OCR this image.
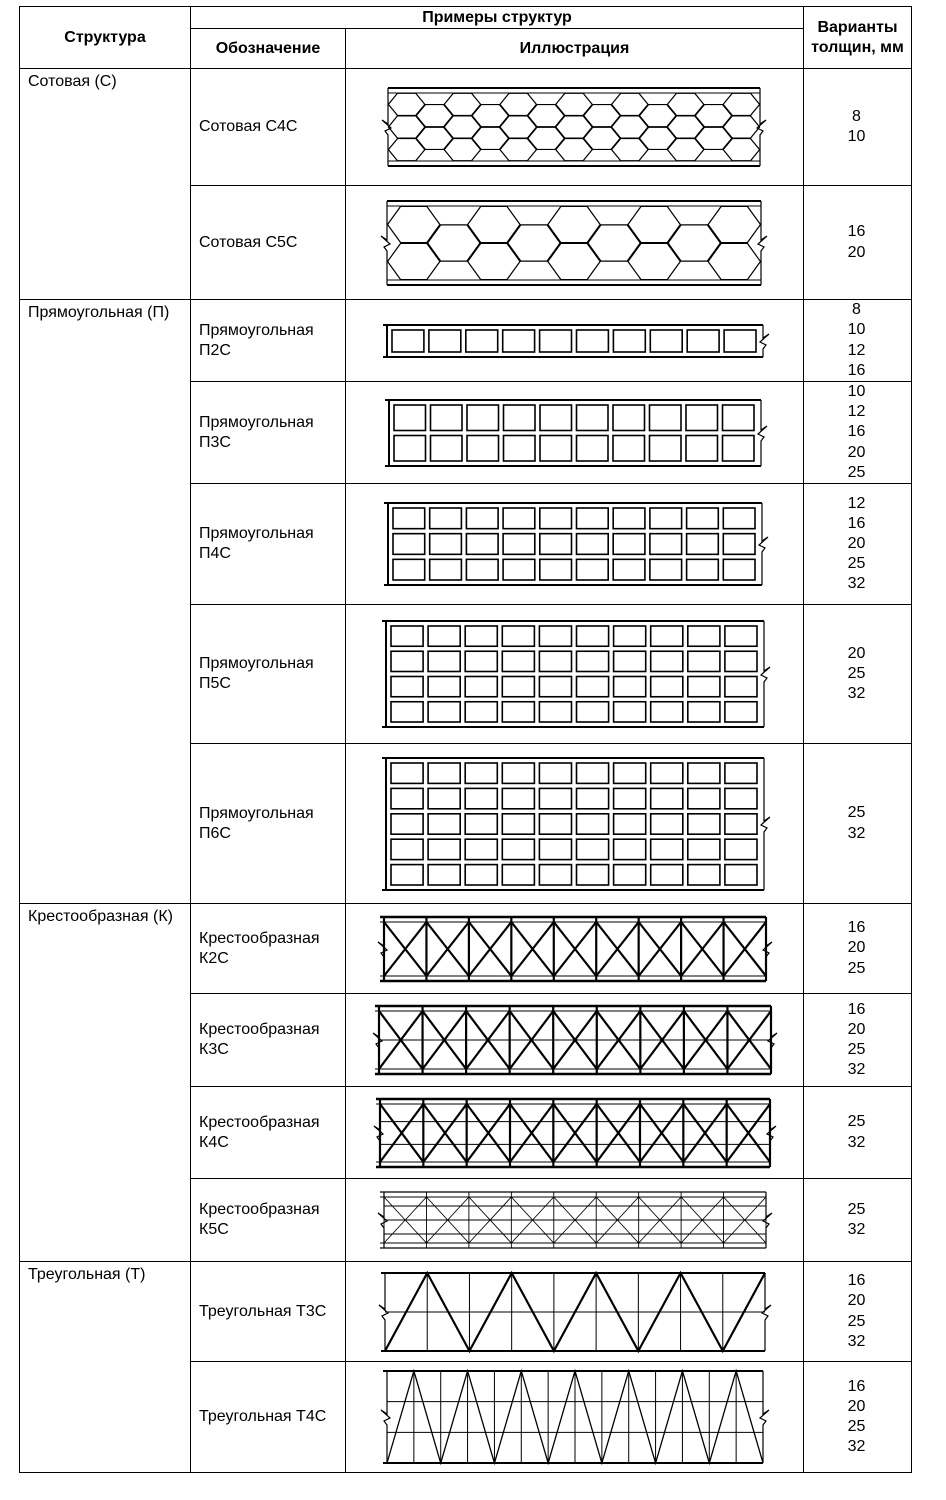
Структура	Примеры структур		Варианты толщин, мм
	Обозначение	Иллюстрация	
Сотовая (С)	Сотовая С4С		8
10
	Сотовая С5С		16
20
Прямоугольная (П)	Прямоугольная П2С		8
10
12
16
	Прямоугольная П3С		10
12
16
20
25
	Прямоугольная П4С		12
16
20
25
32
	Прямоугольная П5С		20
25
32
	Прямоугольная П6С		25
32
Крестообразная (К)	Крестообразная К2С		16
20
25
	Крестообразная К3С		16
20
25
32
	Крестообразная К4С		25
32
	Крестообразная К5С		25
32
Треугольная (Т)	Треугольная Т3С		16
20
25
32
	Треугольная Т4С		16
20
25
32
